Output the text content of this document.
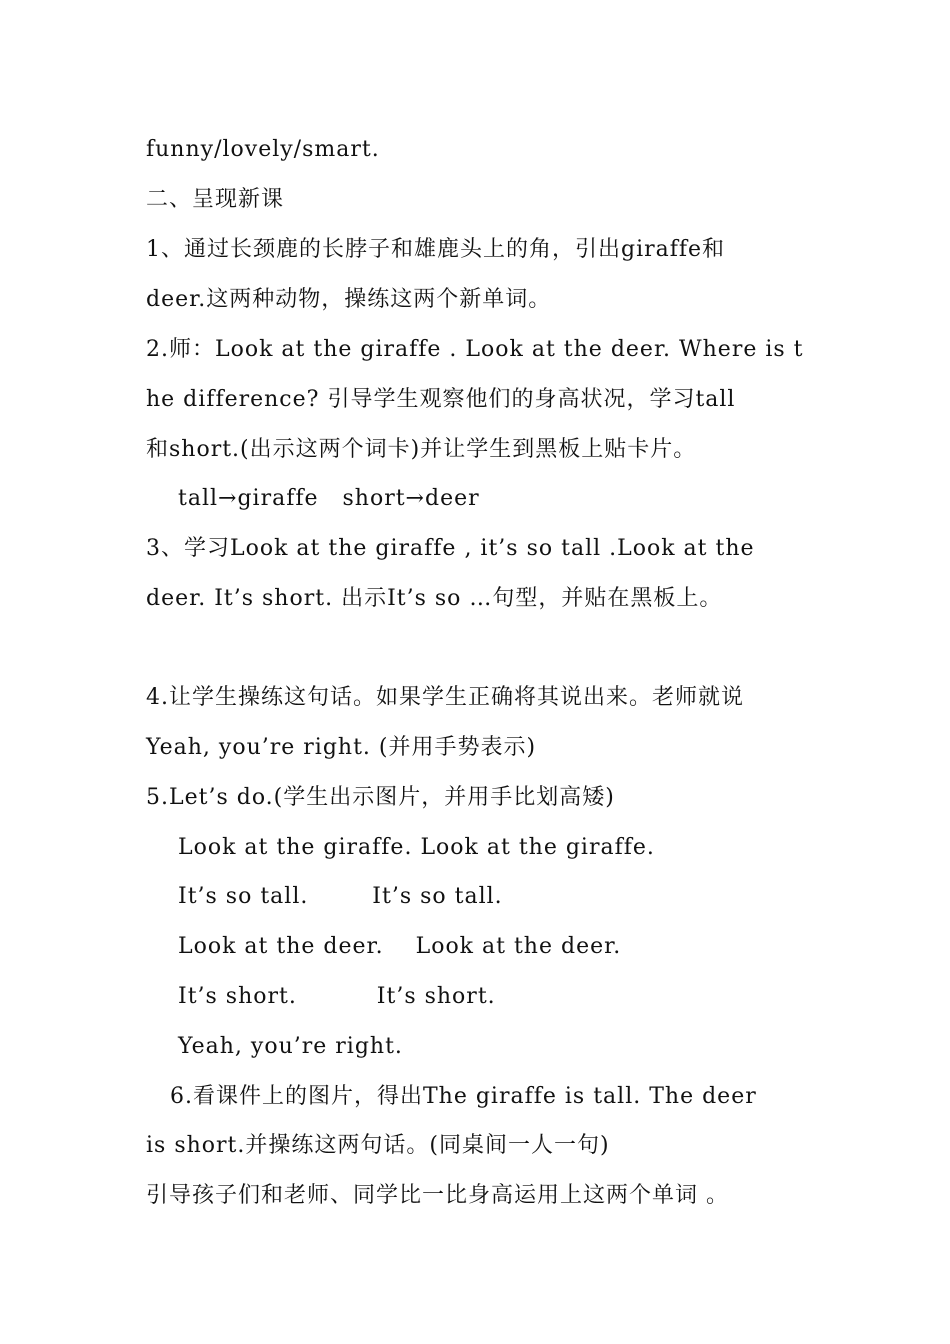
funny/lovely/smart.
二、呈现新课
1、通过长颈鹿的长脖子和雄鹿头上的角，引出giraffe和
deer.这两种动物，操练这两个新单词。
2.师：Look at the giraffe . Look at the deer. Where is t
he difference? 引导学生观察他们的身高状况，学习tall
和short.(出示这两个词卡)并让学生到黑板上贴卡片。
tall→giraffe   short→deer
3、学习Look at the giraffe , it’s so tall .Look at the
deer. It’s short. 出示It’s so …句型，并贴在黑板上。
4.让学生操练这句话。如果学生正确将其说出来。老师就说
Yeah, you’re right. (并用手势表示)
5.Let’s do.(学生出示图片，并用手比划高矮)
Look at the giraffe. Look at the giraffe.
It’s so tall.        It’s so tall.
Look at the deer.    Look at the deer.
It’s short.          It’s short.
Yeah, you’re right.
6.看课件上的图片，得出The giraffe is tall. The deer
is short.并操练这两句话。(同桌间一人一句)
引导孩子们和老师、同学比一比身高运用上这两个单词 。
